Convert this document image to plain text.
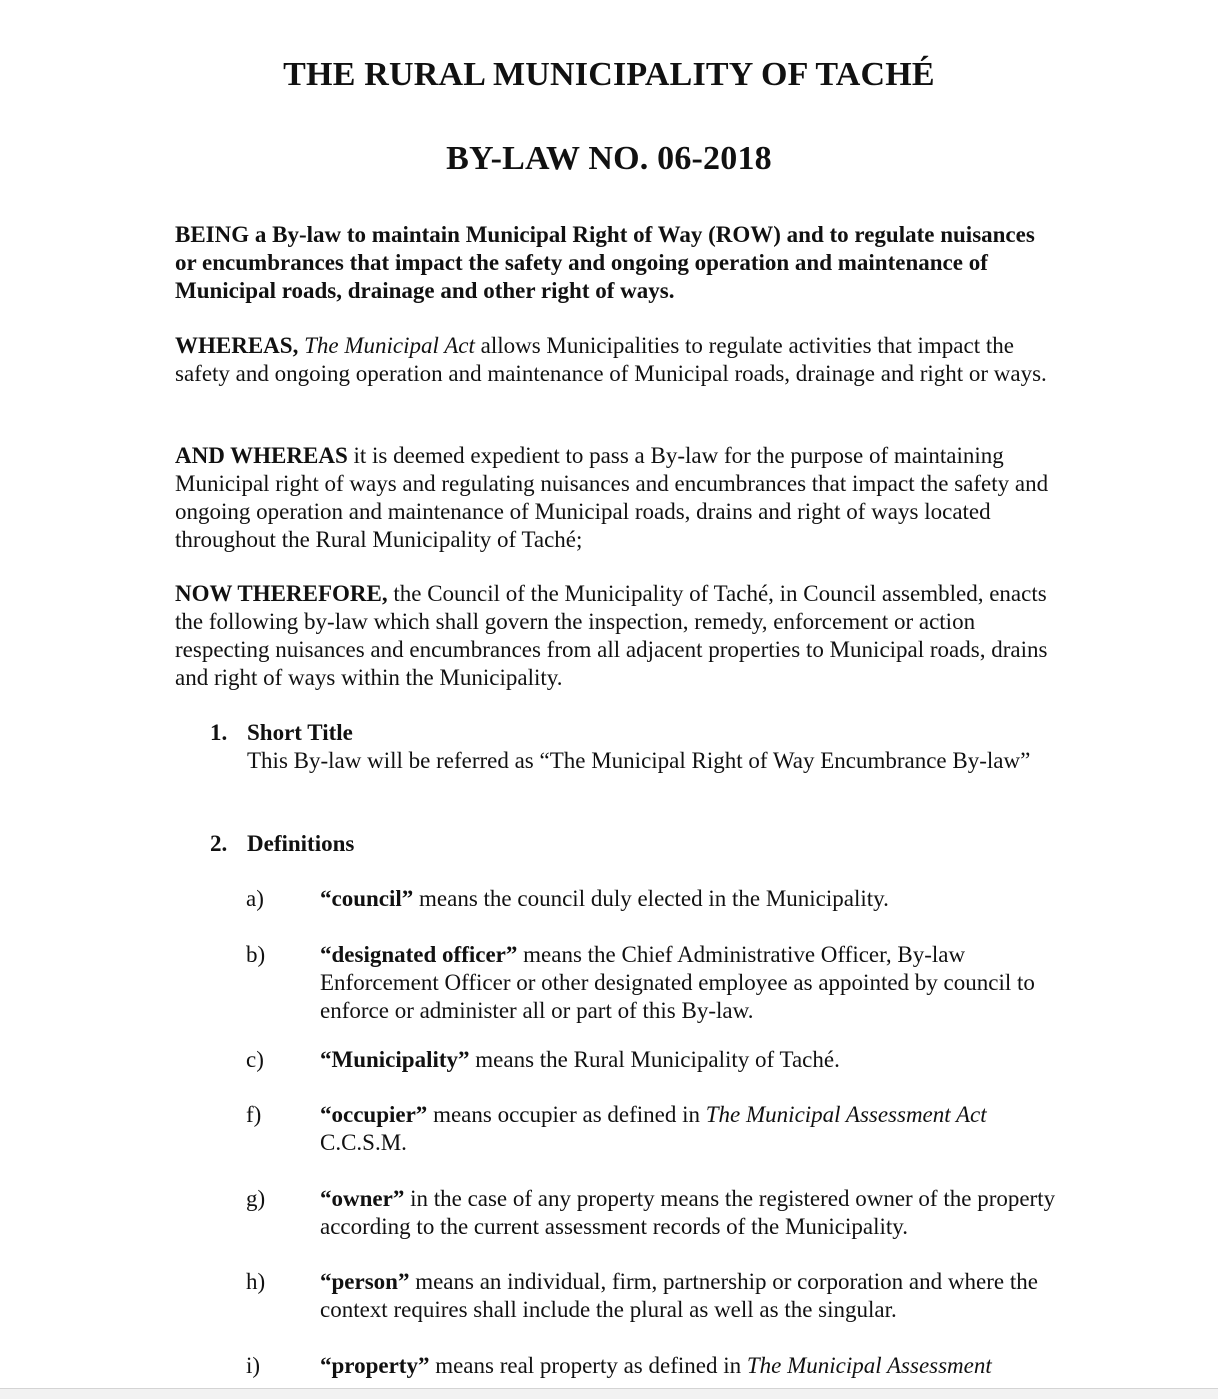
THE RURAL MUNICIPALITY OF TACHÉ
BY-LAW NO. 06-2018

BEING a By-law to maintain Municipal Right of Way (ROW) and to regulate nuisances or encumbrances that impact the safety and ongoing operation and maintenance of Municipal roads, drainage and other right of ways.

WHEREAS, The Municipal Act allows Municipalities to regulate activities that impact the safety and ongoing operation and maintenance of Municipal roads, drainage and right or ways.

AND WHEREAS it is deemed expedient to pass a By-law for the purpose of maintaining Municipal right of ways and regulating nuisances and encumbrances that impact the safety and ongoing operation and maintenance of Municipal roads, drains and right of ways located throughout the Rural Municipality of Taché;

NOW THEREFORE, the Council of the Municipality of Taché, in Council assembled, enacts the following by-law which shall govern the inspection, remedy, enforcement or action respecting nuisances and encumbrances from all adjacent properties to Municipal roads, drains and right of ways within the Municipality.

1. Short Title

This By-law will be referred as “The Municipal Right of Way Encumbrance By-law”

2. Definitions
a) “council” means the council duly elected in the Municipality.

b) “designated officer” means the Chief Administrative Officer, By-law Enforcement Officer or other designated employee as appointed by council to enforce or administer all or part of this By-law.

c) “Municipality” means the Rural Municipality of Taché.

f)	“occupier” means occupier as defined in The Municipal Assessment Act C.C.S.M.

g) “owner” in the case of any property means the registered owner of the property according to the current assessment records of the Municipality.

h) “person” means an individual, firm, partnership or corporation and where the context requires shall include the plural as well as the singular.

i)	“property” means real property as defined in The Municipal Assessment
